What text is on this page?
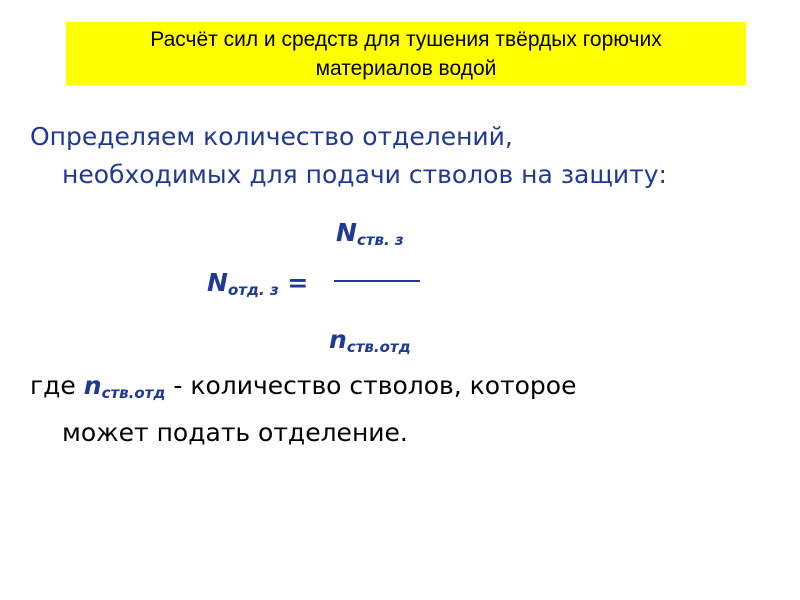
Расчёт сил и средств для тушения твёрдых горючих
материалов водой
Определяем количество отделений,
необходимых для подачи стволов на защиту:
$N_{ств. з}$
$N_{отд. з}$ =
$n_{ств.отд}$
где $n_{ств.отд}$ - количество стволов, которое
может подать отделение.
